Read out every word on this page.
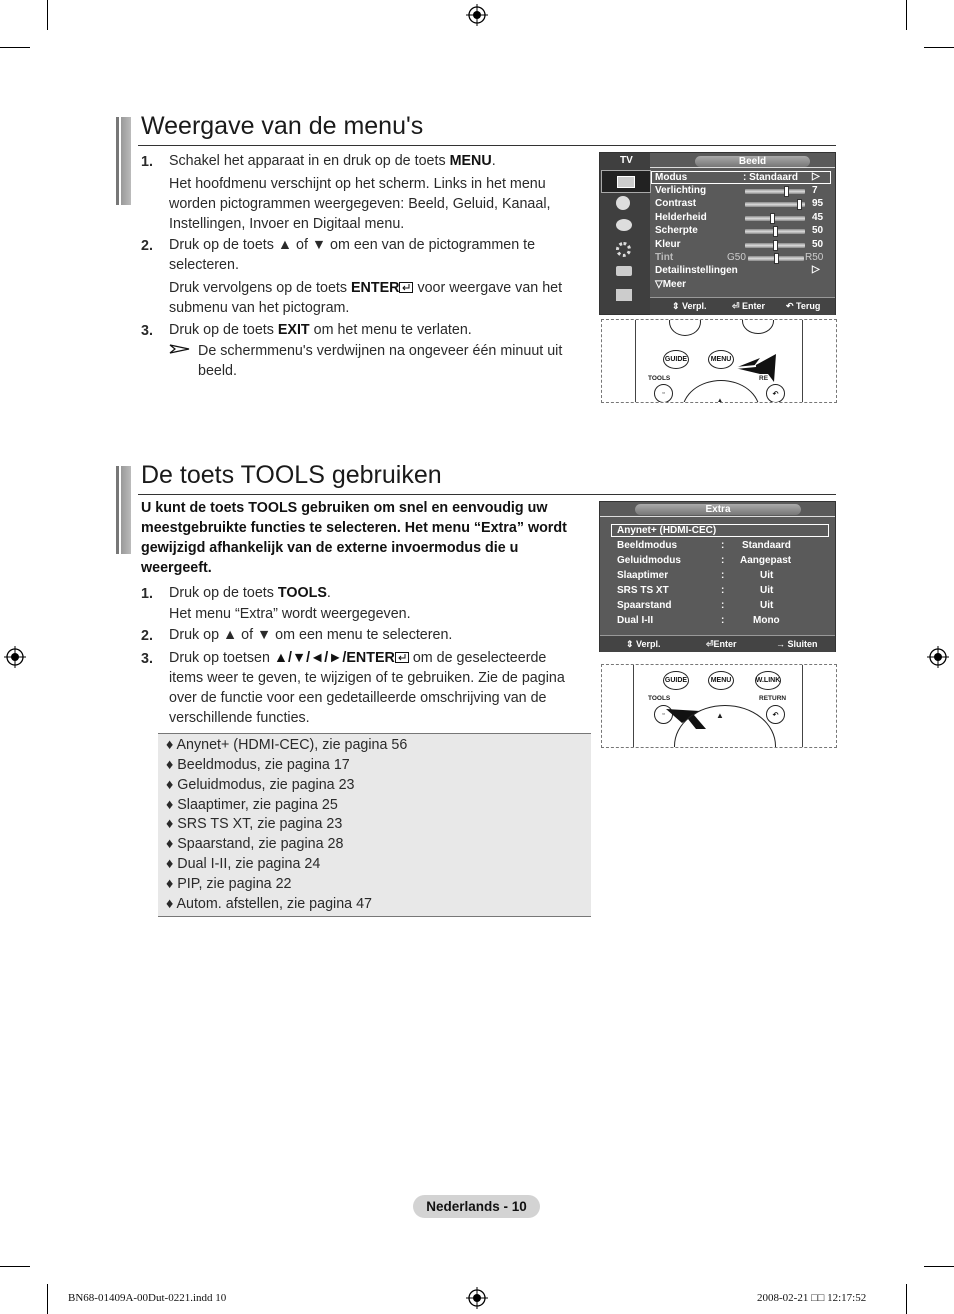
Weergave van de menu's
1. Schakel het apparaat in en druk op de toets MENU.
Het hoofdmenu verschijnt op het scherm. Links in het menu worden pictogrammen weergegeven: Beeld, Geluid, Kanaal, Instellingen, Invoer en Digitaal menu.
2. Druk op de toets ▲ of ▼ om een van de pictogrammen te selecteren.
Druk vervolgens op de toets ENTER voor weergave van het submenu van het pictogram.
3. Druk op de toets EXIT om het menu te verlaten.
De schermmenu's verdwijnen na ongeveer één minuut uit beeld.
TV	Beeld
Modus	: Standaard ▷
Verlichting	7
Contrast	95
Helderheid	45
Scherpte	50
Kleur	50
Tint	G50	R50
Detailinstellingen	▷
▽Meer
⇕ Verpl.	⏎ Enter ↶ Terug
GUIDE	MENU
TOOLS	RE
▫	↶
▲
De toets TOOLS gebruiken
U kunt de toets TOOLS gebruiken om snel en eenvoudig uw meestgebruikte functies te selecteren. Het menu “Extra” wordt gewijzigd afhankelijk van de externe invoermodus die u weergeeft.
1. Druk op de toets TOOLS.
Het menu “Extra” wordt weergegeven.
2. Druk op ▲ of ▼ om een menu te selecteren.
3. Druk op toetsen ▲/▼/◄/►/ENTER om de geselecteerde items weer te geven, te wijzigen of te gebruiken. Zie de pagina over de functie voor een gedetailleerde omschrijving van de verschillende functies.
♦ Anynet+ (HDMI-CEC), zie pagina 56
♦ Beeldmodus, zie pagina 17
♦ Geluidmodus, zie pagina 23
♦ Slaaptimer, zie pagina 25
♦ SRS TS XT, zie pagina 23
♦ Spaarstand, zie pagina 28
♦ Dual I-II, zie pagina 24
♦ PIP, zie pagina 22
♦ Autom. afstellen, zie pagina 47
Extra
Anynet+ (HDMI-CEC)
Beeldmodus	: Standaard
Geluidmodus	: Aangepast
Slaaptimer	:	Uit
SRS TS XT	:	Uit
Spaarstand	:	Uit
Dual I-II	:	Mono
⇕ Verpl.	⏎Enter	→ Sluiten
GUIDE	MENU	W.LINK
TOOLS	RETURN
▫	↶
▲
Nederlands - 10
BN68-01409A-00Dut-0221.indd 10	2008-02-21 □□ 12:17:52
